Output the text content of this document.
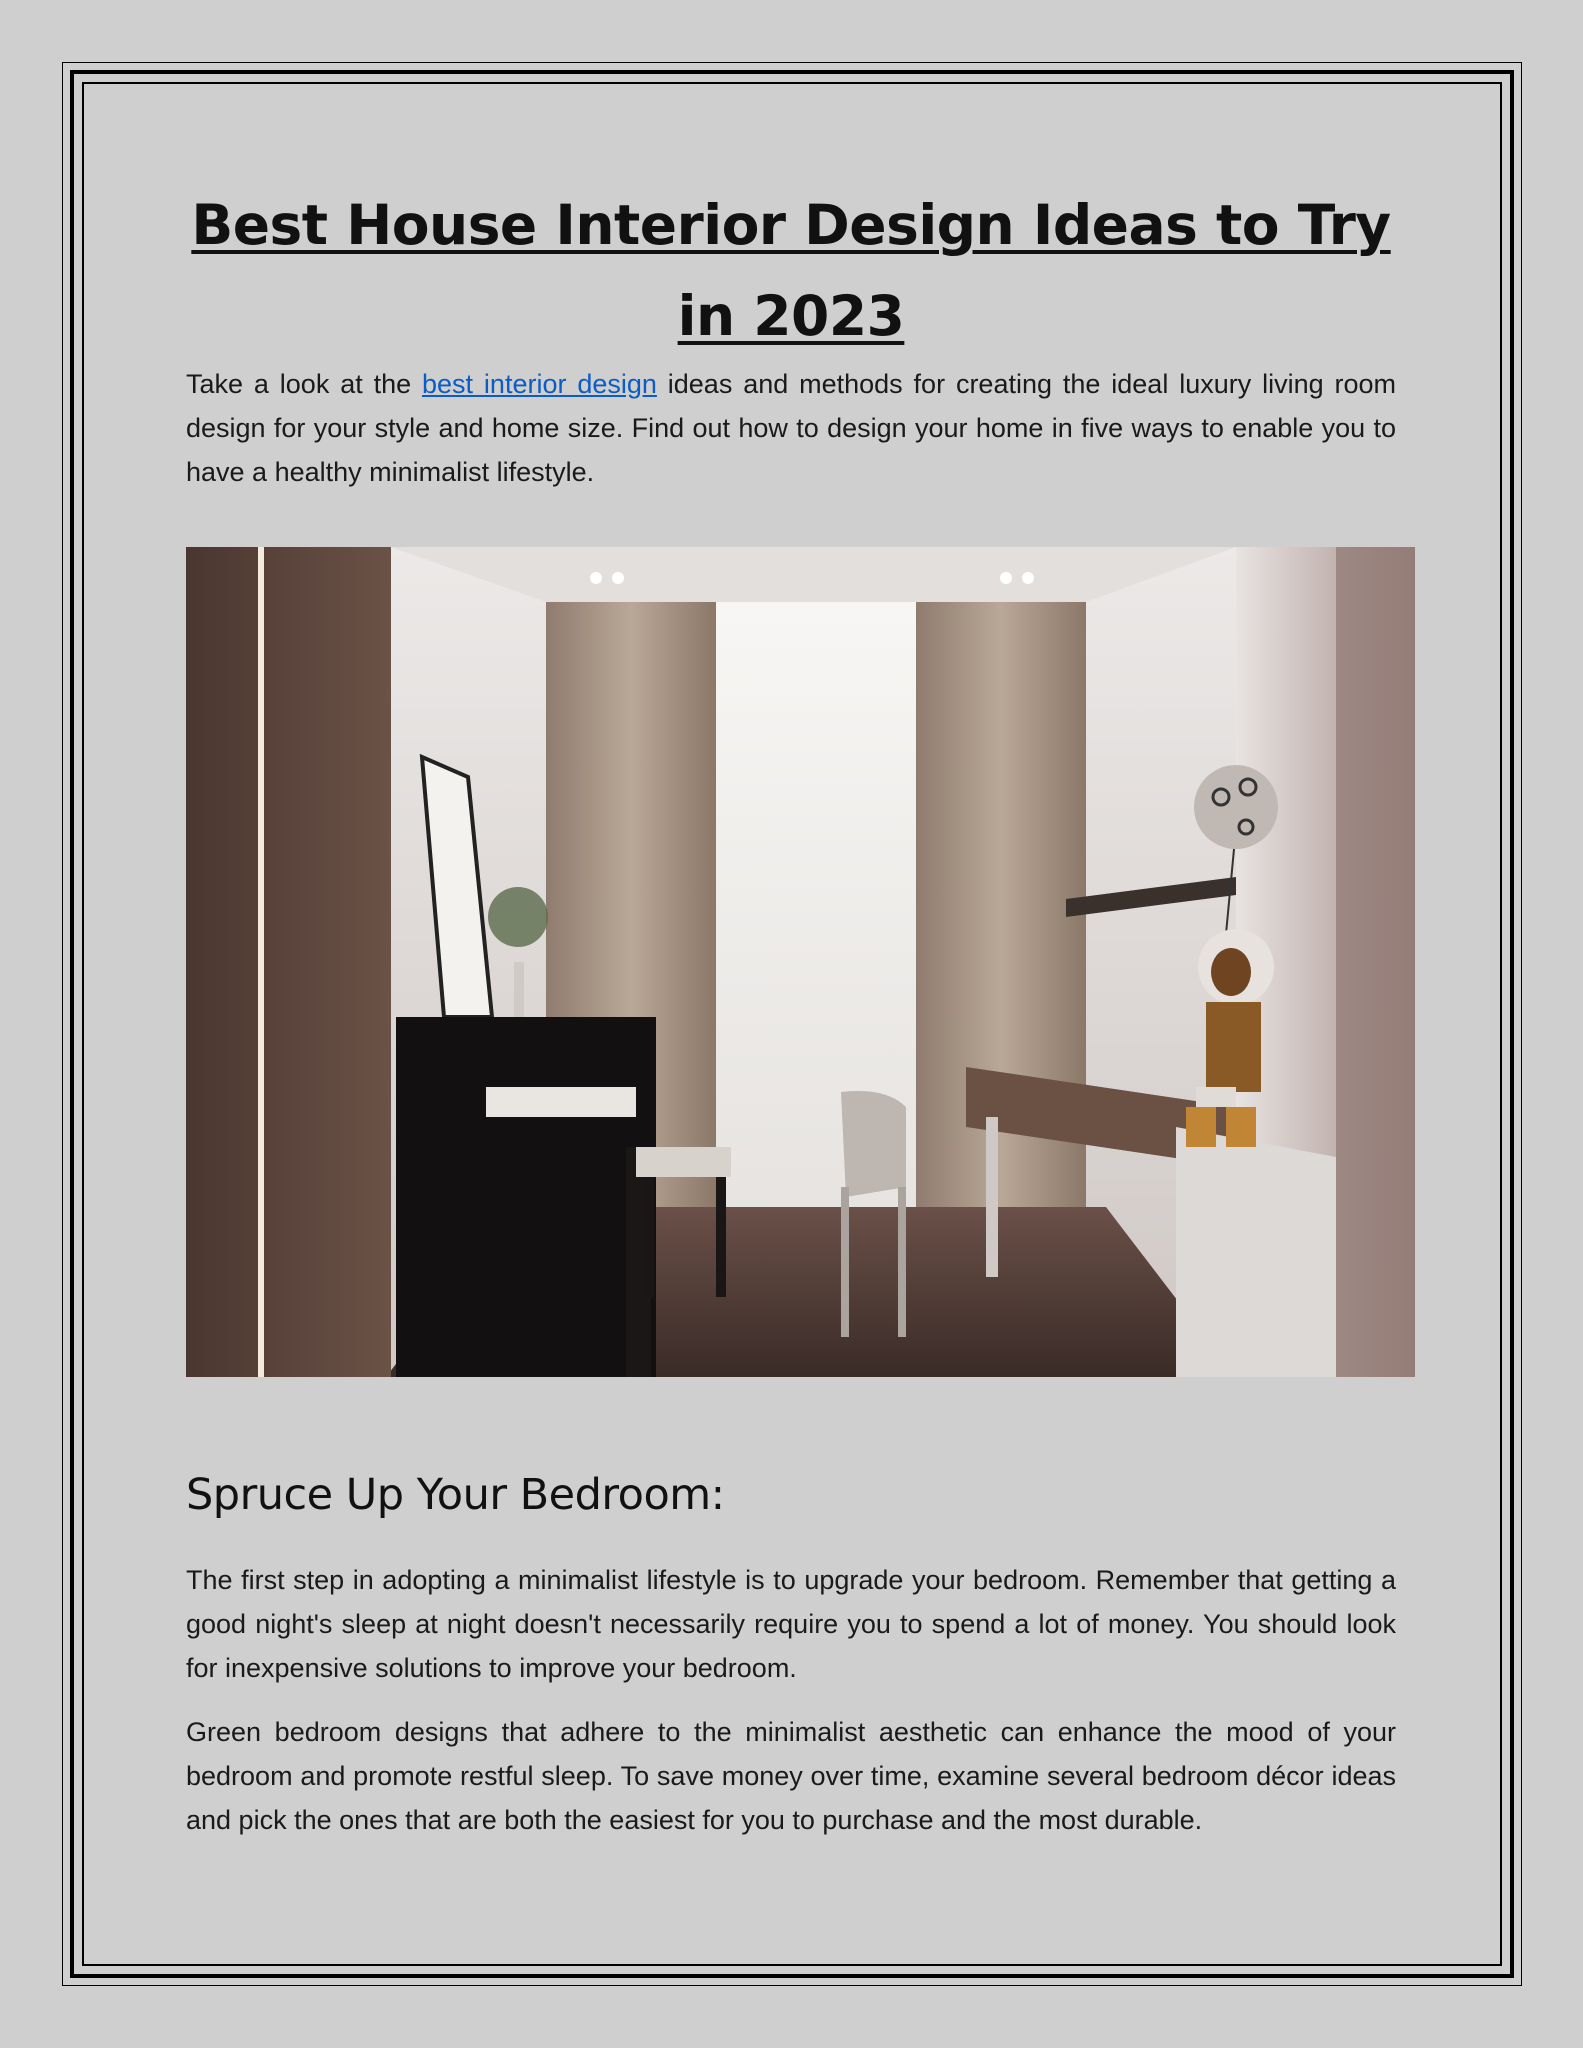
Best House Interior Design Ideas to Try in 2023

Take a look at the best interior design ideas and methods for creating the ideal luxury living room design for your style and home size. Find out how to design your home in five ways to enable you to have a healthy minimalist lifestyle.

Spruce Up Your Bedroom:

The first step in adopting a minimalist lifestyle is to upgrade your bedroom. Remember that getting a good night's sleep at night doesn't necessarily require you to spend a lot of money. You should look for inexpensive solutions to improve your bedroom.

Green bedroom designs that adhere to the minimalist aesthetic can enhance the mood of your bedroom and promote restful sleep. To save money over time, examine several bedroom décor ideas and pick the ones that are both the easiest for you to purchase and the most durable.
